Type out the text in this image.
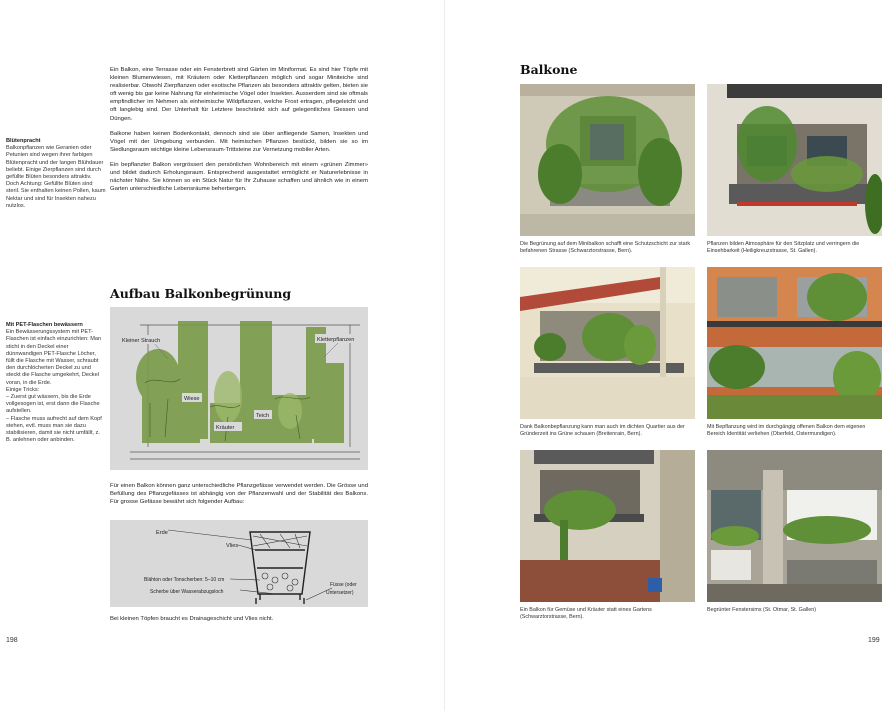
Blütenpracht
Balkonpflanzen wie Geranien oder Petunien sind wegen ihrer farbigen Blütenpracht und der langen Blühdauer beliebt. Einige Zierpflanzen sind durch gefüllte Blüten besonders attraktiv. Doch Achtung: Gefüllte Blüten sind steril. Sie enthalten keinen Pollen, kaum Nektar und sind für Insekten nahezu nutzlos.
Mit PET-Flaschen bewässern
Ein Bewässerungssystem mit PET-Flaschen ist einfach einzurichten: Man sticht in den Deckel einer dünnwandigen PET-Flasche Löcher, füllt die Flasche mit Wasser, schraubt den durchlöcherten Deckel zu und steckt die Flasche umgekehrt, Deckel voran, in die Erde.
Einige Tricks:
– Zuerst gut wässern, bis die Erde vollgesogen ist, erst dann die Flasche aufstellen.
– Flasche muss aufrecht auf dem Kopf stehen, evtl. muss man sie dazu stabilisieren, damit sie nicht umfällt, z. B. anlehnen oder anbinden.

Ein Balkon, eine Terrasse oder ein Fensterbrett sind Gärten im Miniformat. Es sind hier Töpfe mit kleinen Blumenwiesen, mit Kräutern oder Kletterpflanzen möglich und sogar Miniteiche sind realisierbar. Obwohl Zierpflanzen oder exotische Pflanzen als besonders attraktiv gelten, bieten sie oft wenig bis gar keine Nahrung für einheimische Vögel oder Insekten. Ausserdem sind sie oftmals empfindlicher im Nehmen als einheimische Wildpflanzen, welche Frost ertragen, pflegeleicht und oft langlebig sind. Der Unterhalt für Letztere beschränkt sich auf gelegentliches Giessen und Düngen.

Balkone haben keinen Bodenkontakt, dennoch sind sie über anfliegende Samen, Insekten und Vögel mit der Umgebung verbunden. Mit heimischen Pflanzen bestückt, bilden sie so im Siedlungsraum wichtige kleine Lebensraum-Trittsteine zur Vernetzung mobiler Arten.

Ein bepflanzter Balkon vergrössert den persönlichen Wohnbereich mit einem «grünen Zimmer» und bildet dadurch Erholungsraum. Entsprechend ausgestattet ermöglicht er Naturerlebnisse in nächster Nähe. Sie können so ein Stück Natur für Ihr Zuhause schaffen und ähnlich wie in einem Garten unterschiedliche Lebensräume beherbergen.

Aufbau Balkonbegrünung
Kleiner Strauch	Kletterpflanzen
Wiese
Teich
Kräuter
Für einen Balkon können ganz unterschiedliche Pflanzgefässe verwendet werden. Die Grösse und Befüllung des Pflanzgefässes ist abhängig von der Pflanzenwahl und der Stabilität des Balkons. Für grosse Gefässe bewährt sich folgender Aufbau:
Erde
Vlies
Blähton oder Tonscherben: 5–10 cm
Scherbe über Wasserabzugsloch
Füsse (oder
Untersetzer)
Bei kleinen Töpfen braucht es Drainageschicht und Vlies nicht.
198
Balkone
Die Begrünung auf dem Minibalkon schafft eine Schutzschicht zur stark befahrenen Strasse (Schwarztorstrasse, Bern).
Pflanzen bilden Atmosphäre für den Sitzplatz und verringern die Einsehbarkeit (Heiligkreuzstrasse, St. Gallen).
Dank Balkonbepflanzung kann man auch im dichten Quartier aus der Gründerzeit ins Grüne schauen (Breitenrain, Bern).
Mit Bepflanzung wird im durchgängig offenen Balkon dem eigenen Bereich Identität verliehen (Oberfeld, Ostermundigen).
Ein Balkon für Gemüse und Kräuter statt eines Gartens (Schwarztorstrasse, Bern).
Begrünter Fenstersims (St. Otmar, St. Gallen)
199
